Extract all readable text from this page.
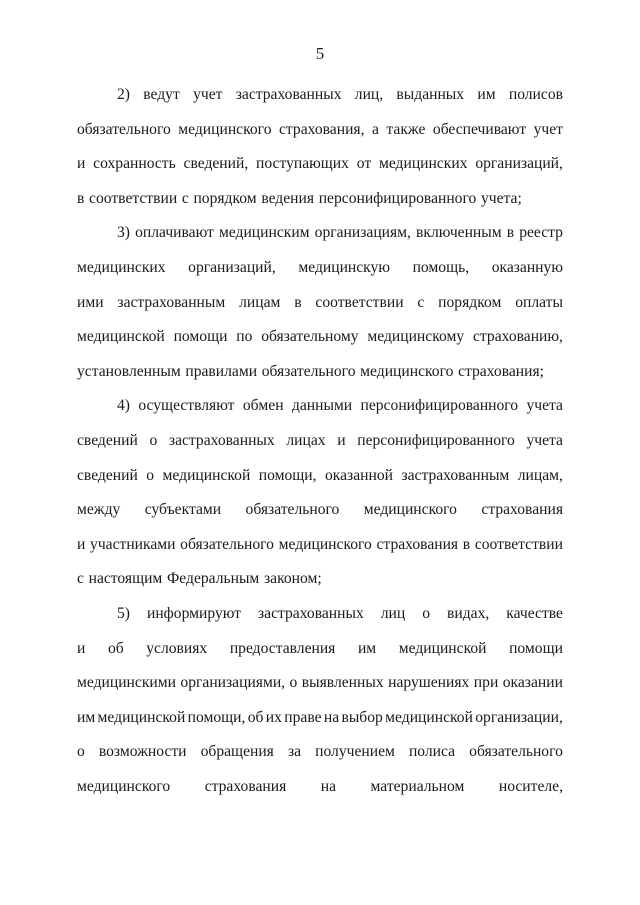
5
2) ведут учет застрахованных лиц, выданных им полисов
обязательного медицинского страхования, а также обеспечивают учет
и сохранность сведений, поступающих от медицинских организаций,
в соответствии с порядком ведения персонифицированного учета;
3) оплачивают медицинским организациям, включенным в реестр
медицинских организаций, медицинскую помощь, оказанную
ими застрахованным лицам в соответствии с порядком оплаты
медицинской помощи по обязательному медицинскому страхованию,
установленным правилами обязательного медицинского страхования;
4) осуществляют обмен данными персонифицированного учета
сведений о застрахованных лицах и персонифицированного учета
сведений о медицинской помощи, оказанной застрахованным лицам,
между субъектами обязательного медицинского страхования
и участниками обязательного медицинского страхования в соответствии
с настоящим Федеральным законом;
5) информируют застрахованных лиц о видах, качестве
и об условиях предоставления им медицинской помощи
медицинскими организациями, о выявленных нарушениях при оказании
им медицинской помощи, об их праве на выбор медицинской организации,
о возможности обращения за получением полиса обязательного
медицинского страхования на материальном носителе,
